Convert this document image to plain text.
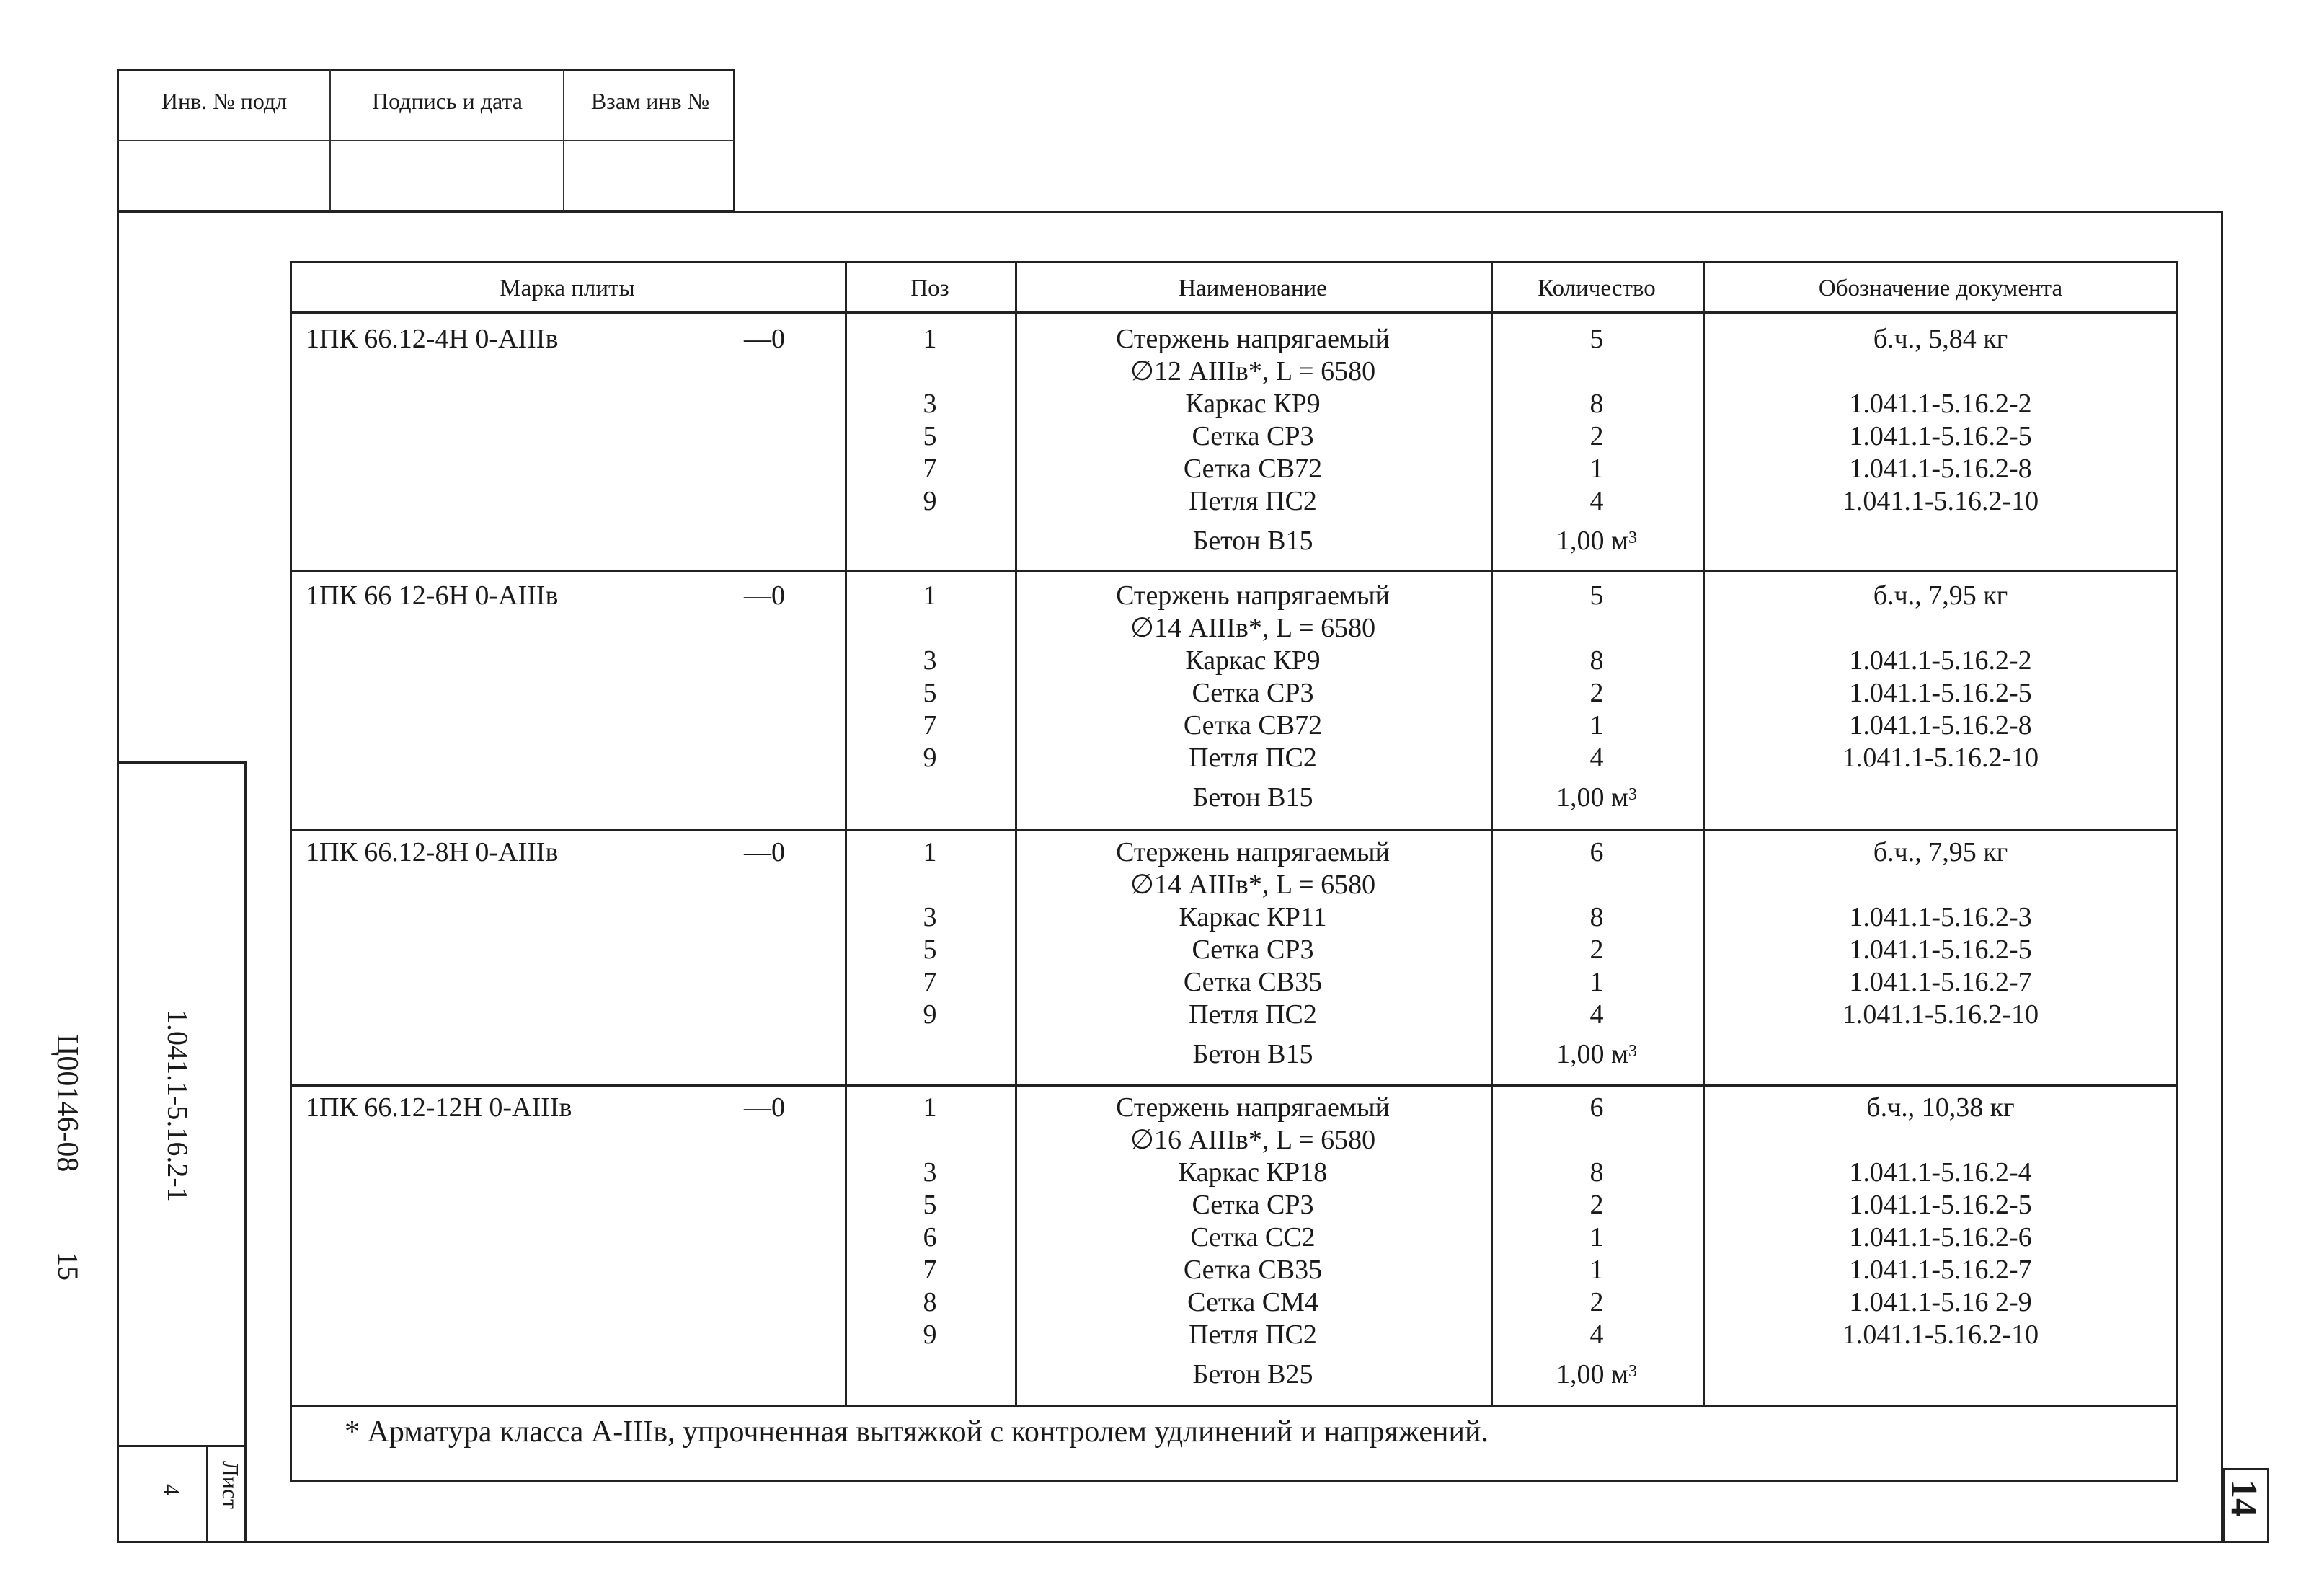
Инв. № подл	Подпись и дата	Взам инв №
1.041.1-5.16.2-1
Лист
4
Ц00146-08
15
14
Марка плиты	Поз	Наименование	Количество	Обозначение документа
1ПК 66.12-4Н 0-АIIIв	—0	1	Стержень напрягаемый	5	б.ч., 5,84 кг
∅12 АIIIв*, L = 6580
3	Каркас КР9	8	1.041.1-5.16.2-2
5	Сетка СР3	2	1.041.1-5.16.2-5
7	Сетка СВ72	1	1.041.1-5.16.2-8
9	Петля ПС2	4	1.041.1-5.16.2-10
Бетон В15	1,00 $м^3$
1ПК 66 12-6Н 0-АIIIв	—0	1	Стержень напрягаемый	5	б.ч., 7,95 кг
∅14 АIIIв*, L = 6580
3	Каркас КР9	8	1.041.1-5.16.2-2
5	Сетка СР3	2	1.041.1-5.16.2-5
7	Сетка СВ72	1	1.041.1-5.16.2-8
9	Петля ПС2	4	1.041.1-5.16.2-10
Бетон В15	1,00 $м^3$
1ПК 66.12-8Н 0-АIIIв	—0	1	Стержень напрягаемый	6	б.ч., 7,95 кг
∅14 АIIIв*, L = 6580
3	Каркас КР11	8	1.041.1-5.16.2-3
5	Сетка СР3	2	1.041.1-5.16.2-5
7	Сетка СВ35	1	1.041.1-5.16.2-7
9	Петля ПС2	4	1.041.1-5.16.2-10
Бетон В15	1,00 $м^3$
1ПК 66.12-12Н 0-АIIIв	—0	1	Стержень напрягаемый	6	б.ч., 10,38 кг
∅16 АIIIв*, L = 6580
3	Каркас КР18	8	1.041.1-5.16.2-4
5	Сетка СР3	2	1.041.1-5.16.2-5
6	Сетка СС2	1	1.041.1-5.16.2-6
7	Сетка СВ35	1	1.041.1-5.16.2-7
8	Сетка СМ4	2	1.041.1-5.16 2-9
9	Петля ПС2	4	1.041.1-5.16.2-10
Бетон В25	1,00 $м^3$
* Арматура класса А-IIIв, упрочненная вытяжкой с контролем удлинений и напряжений.
